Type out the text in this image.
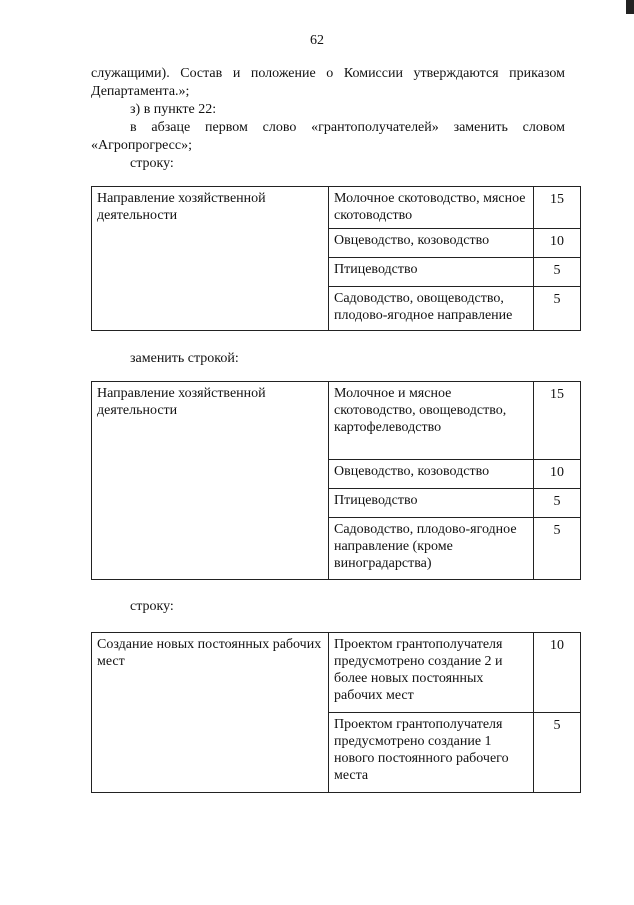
62
служащими). Состав и положение о Комиссии утверждаются приказом
Департамента.»;
з) в пункте 22:
в абзаце первом слово «грантополучателей» заменить словом
«Агропрогресс»;
строку:
Направление хозяйственной деятельности	Молочное скотоводство, мясное скотоводство	15
	Овцеводство, козоводство	10
	Птицеводство	5
	Садоводство, овощеводство, плодово-ягодное направление	5
заменить строкой:
Направление хозяйственной деятельности	Молочное и мясное скотоводство, овощеводство, картофелеводство	15
	Овцеводство, козоводство	10
	Птицеводство	5
	Садоводство, плодово-ягодное направление (кроме виноградарства)	5
строку:
Создание новых постоянных рабочих мест	Проектом грантополучателя предусмотрено создание 2 и более новых постоянных рабочих мест	10
	Проектом грантополучателя предусмотрено создание 1 нового постоянного рабочего места	5
